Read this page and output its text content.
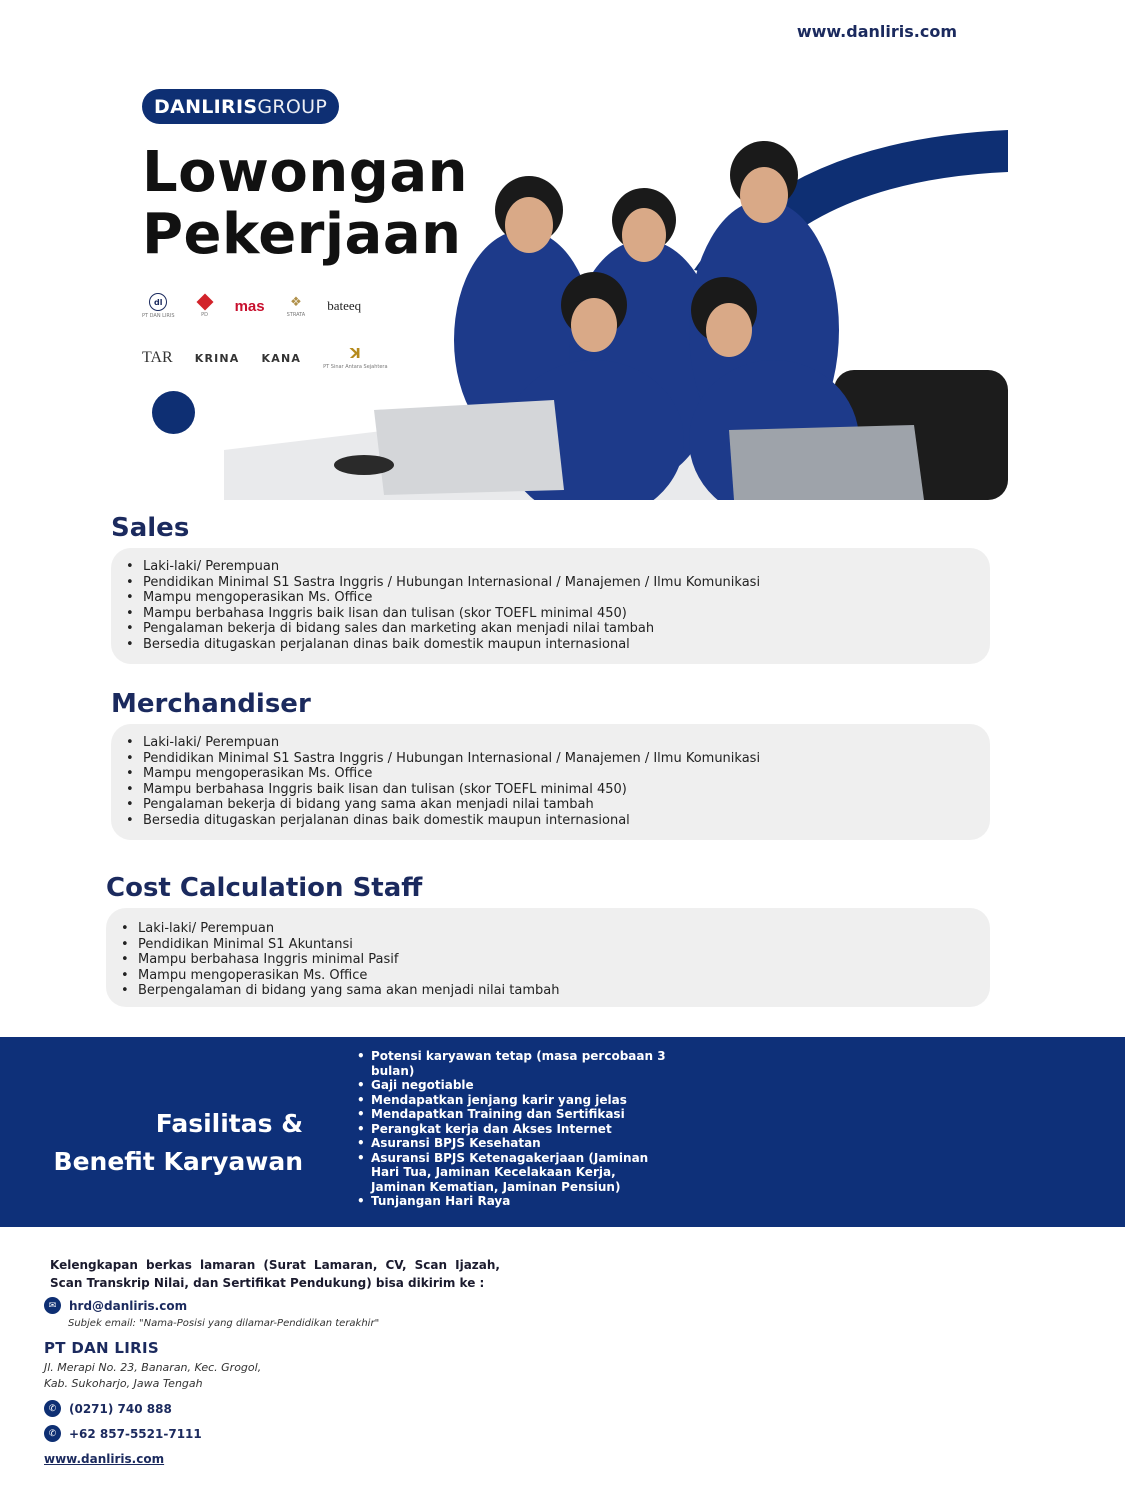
www.danliris.com
DANLIRIS GROUP
Lowongan
Pekerjaan
dl
PT DAN LIRIS	PD
mas ❖
STRATA
bateeq
TAR KRINA KANA	ꓘ
PT Sinar Antara Sejahtera
Sales
• Laki-laki/ Perempuan
• Pendidikan Minimal S1 Sastra Inggris / Hubungan Internasional / Manajemen / Ilmu Komunikasi
• Mampu mengoperasikan Ms. Office
• Mampu berbahasa Inggris baik lisan dan tulisan (skor TOEFL minimal 450)
• Pengalaman bekerja di bidang sales dan marketing akan menjadi nilai tambah
• Bersedia ditugaskan perjalanan dinas baik domestik maupun internasional
Merchandiser
• Laki-laki/ Perempuan
• Pendidikan Minimal S1 Sastra Inggris / Hubungan Internasional / Manajemen / Ilmu Komunikasi
• Mampu mengoperasikan Ms. Office
• Mampu berbahasa Inggris baik lisan dan tulisan (skor TOEFL minimal 450)
• Pengalaman bekerja di bidang yang sama akan menjadi nilai tambah
• Bersedia ditugaskan perjalanan dinas baik domestik maupun internasional
Cost Calculation Staff
• Laki-laki/ Perempuan
• Pendidikan Minimal S1 Akuntansi
• Mampu berbahasa Inggris minimal Pasif
• Mampu mengoperasikan Ms. Office
• Berpengalaman di bidang yang sama akan menjadi nilai tambah
Fasilitas &
Benefit Karyawan
• Potensi karyawan tetap (masa percobaan 3 bulan)
• Gaji negotiable
• Mendapatkan jenjang karir yang jelas
• Mendapatkan Training dan Sertifikasi
• Perangkat kerja dan Akses Internet
• Asuransi BPJS Kesehatan
• Asuransi BPJS Ketenagakerjaan (Jaminan Hari Tua, Jaminan Kecelakaan Kerja, Jaminan Kematian, Jaminan Pensiun)
• Tunjangan Hari Raya
Kelengkapan berkas lamaran (Surat Lamaran, CV, Scan Ijazah, Scan Transkrip Nilai, dan Sertifikat Pendukung) bisa dikirim ke :
✉	hrd@danliris.com
Subjek email: "Nama-Posisi yang dilamar-Pendidikan terakhir"
PT DAN LIRIS
Jl. Merapi No. 23, Banaran, Kec. Grogol,
Kab. Sukoharjo, Jawa Tengah
✆	(0271) 740 888
✆	+62 857-5521-7111
www.danliris.com
